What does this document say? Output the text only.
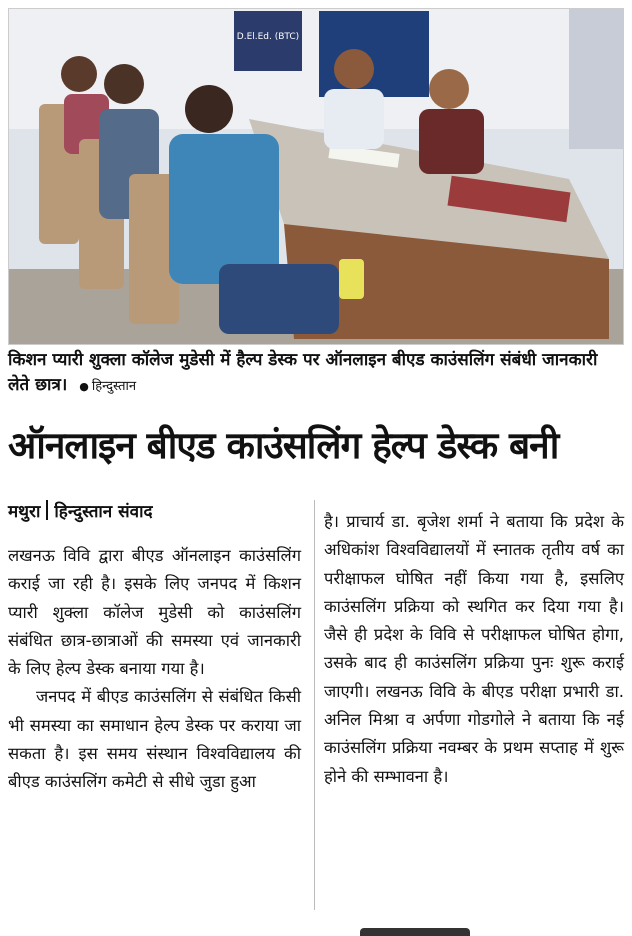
D.El.Ed. (BTC)
किशन प्यारी शुक्ला कॉलेज मुडेसी में हैल्प डेस्क पर ऑनलाइन बीएड काउंसलिंग संबंधी जानकारी लेते छात्र। ● हिन्दुस्तान
ऑनलाइन बीएड काउंसलिंग हेल्प डेस्क बनी
मथुरा हिन्दुस्तान संवाद

लखनऊ विवि द्वारा बीएड ऑनलाइन काउंसलिंग कराई जा रही है। इसके लिए जनपद में किशन प्यारी शुक्ला कॉलेज मुडेसी को काउंसलिंग संबंधित छात्र-छात्राओं की समस्या एवं जानकारी के लिए हेल्प डेस्क बनाया गया है।

जनपद में बीएड काउंसलिंग से संबंधित किसी भी समस्या का समाधान हेल्प डेस्क पर कराया जा सकता है। इस समय संस्थान विश्वविद्यालय की बीएड काउंसलिंग कमेटी से सीधे जुडा हुआ

है। प्राचार्य डा. बृजेश शर्मा ने बताया कि प्रदेश के अधिकांश विश्वविद्यालयों में स्नातक तृतीय वर्ष का परीक्षाफल घोषित नहीं किया गया है, इसलिए काउंसलिंग प्रक्रिया को स्थगित कर दिया गया है। जैसे ही प्रदेश के विवि से परीक्षाफल घोषित होगा, उसके बाद ही काउंसलिंग प्रक्रिया पुनः शुरू कराई जाएगी। लखनऊ विवि के बीएड परीक्षा प्रभारी डा. अनिल मिश्रा व अर्पणा गोडगोले ने बताया कि नई काउंसलिंग प्रक्रिया नवम्बर के प्रथम सप्ताह में शुरू होने की सम्भावना है।
